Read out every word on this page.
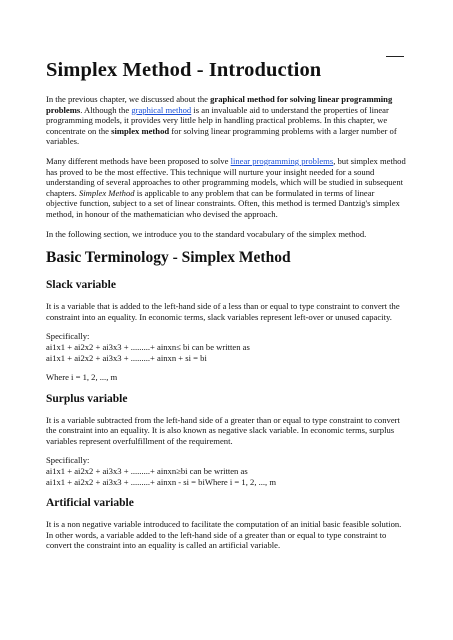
Simplex Method - Introduction

In the previous chapter, we discussed about the graphical method for solving linear programming problems. Although the graphical method is an invaluable aid to understand the properties of linear programming models, it provides very little help in handling practical problems. In this chapter, we concentrate on the simplex method for solving linear programming problems with a larger number of variables.

Many different methods have been proposed to solve linear programming problems, but simplex method has proved to be the most effective. This technique will nurture your insight needed for a sound understanding of several approaches to other programming models, which will be studied in subsequent chapters. Simplex Method is applicable to any problem that can be formulated in terms of linear objective function, subject to a set of linear constraints. Often, this method is termed Dantzig's simplex method, in honour of the mathematician who devised the approach.

In the following section, we introduce you to the standard vocabulary of the simplex method.

Basic Terminology - Simplex Method
Slack variable

It is a variable that is added to the left-hand side of a less than or equal to type constraint to convert the constraint into an equality. In economic terms, slack variables represent left-over or unused capacity.

Specifically:

ai1x1 + ai2x2 + ai3x3 + .........+ ainxn≤ bi can be written as

ai1x1 + ai2x2 + ai3x3 + .........+ ainxn + si = bi

Where i = 1, 2, ..., m

Surplus variable

It is a variable subtracted from the left-hand side of a greater than or equal to type constraint to convert the constraint into an equality. It is also known as negative slack variable. In economic terms, surplus variables represent overfulfillment of the requirement.

Specifically:

ai1x1 + ai2x2 + ai3x3 + .........+ ainxn≥bi can be written as

ai1x1 + ai2x2 + ai3x3 + .........+ ainxn - si = biWhere i = 1, 2, ..., m

Artificial variable

It is a non negative variable introduced to facilitate the computation of an initial basic feasible solution. In other words, a variable added to the left-hand side of a greater than or equal to type constraint to convert the constraint into an equality is called an artificial variable.
